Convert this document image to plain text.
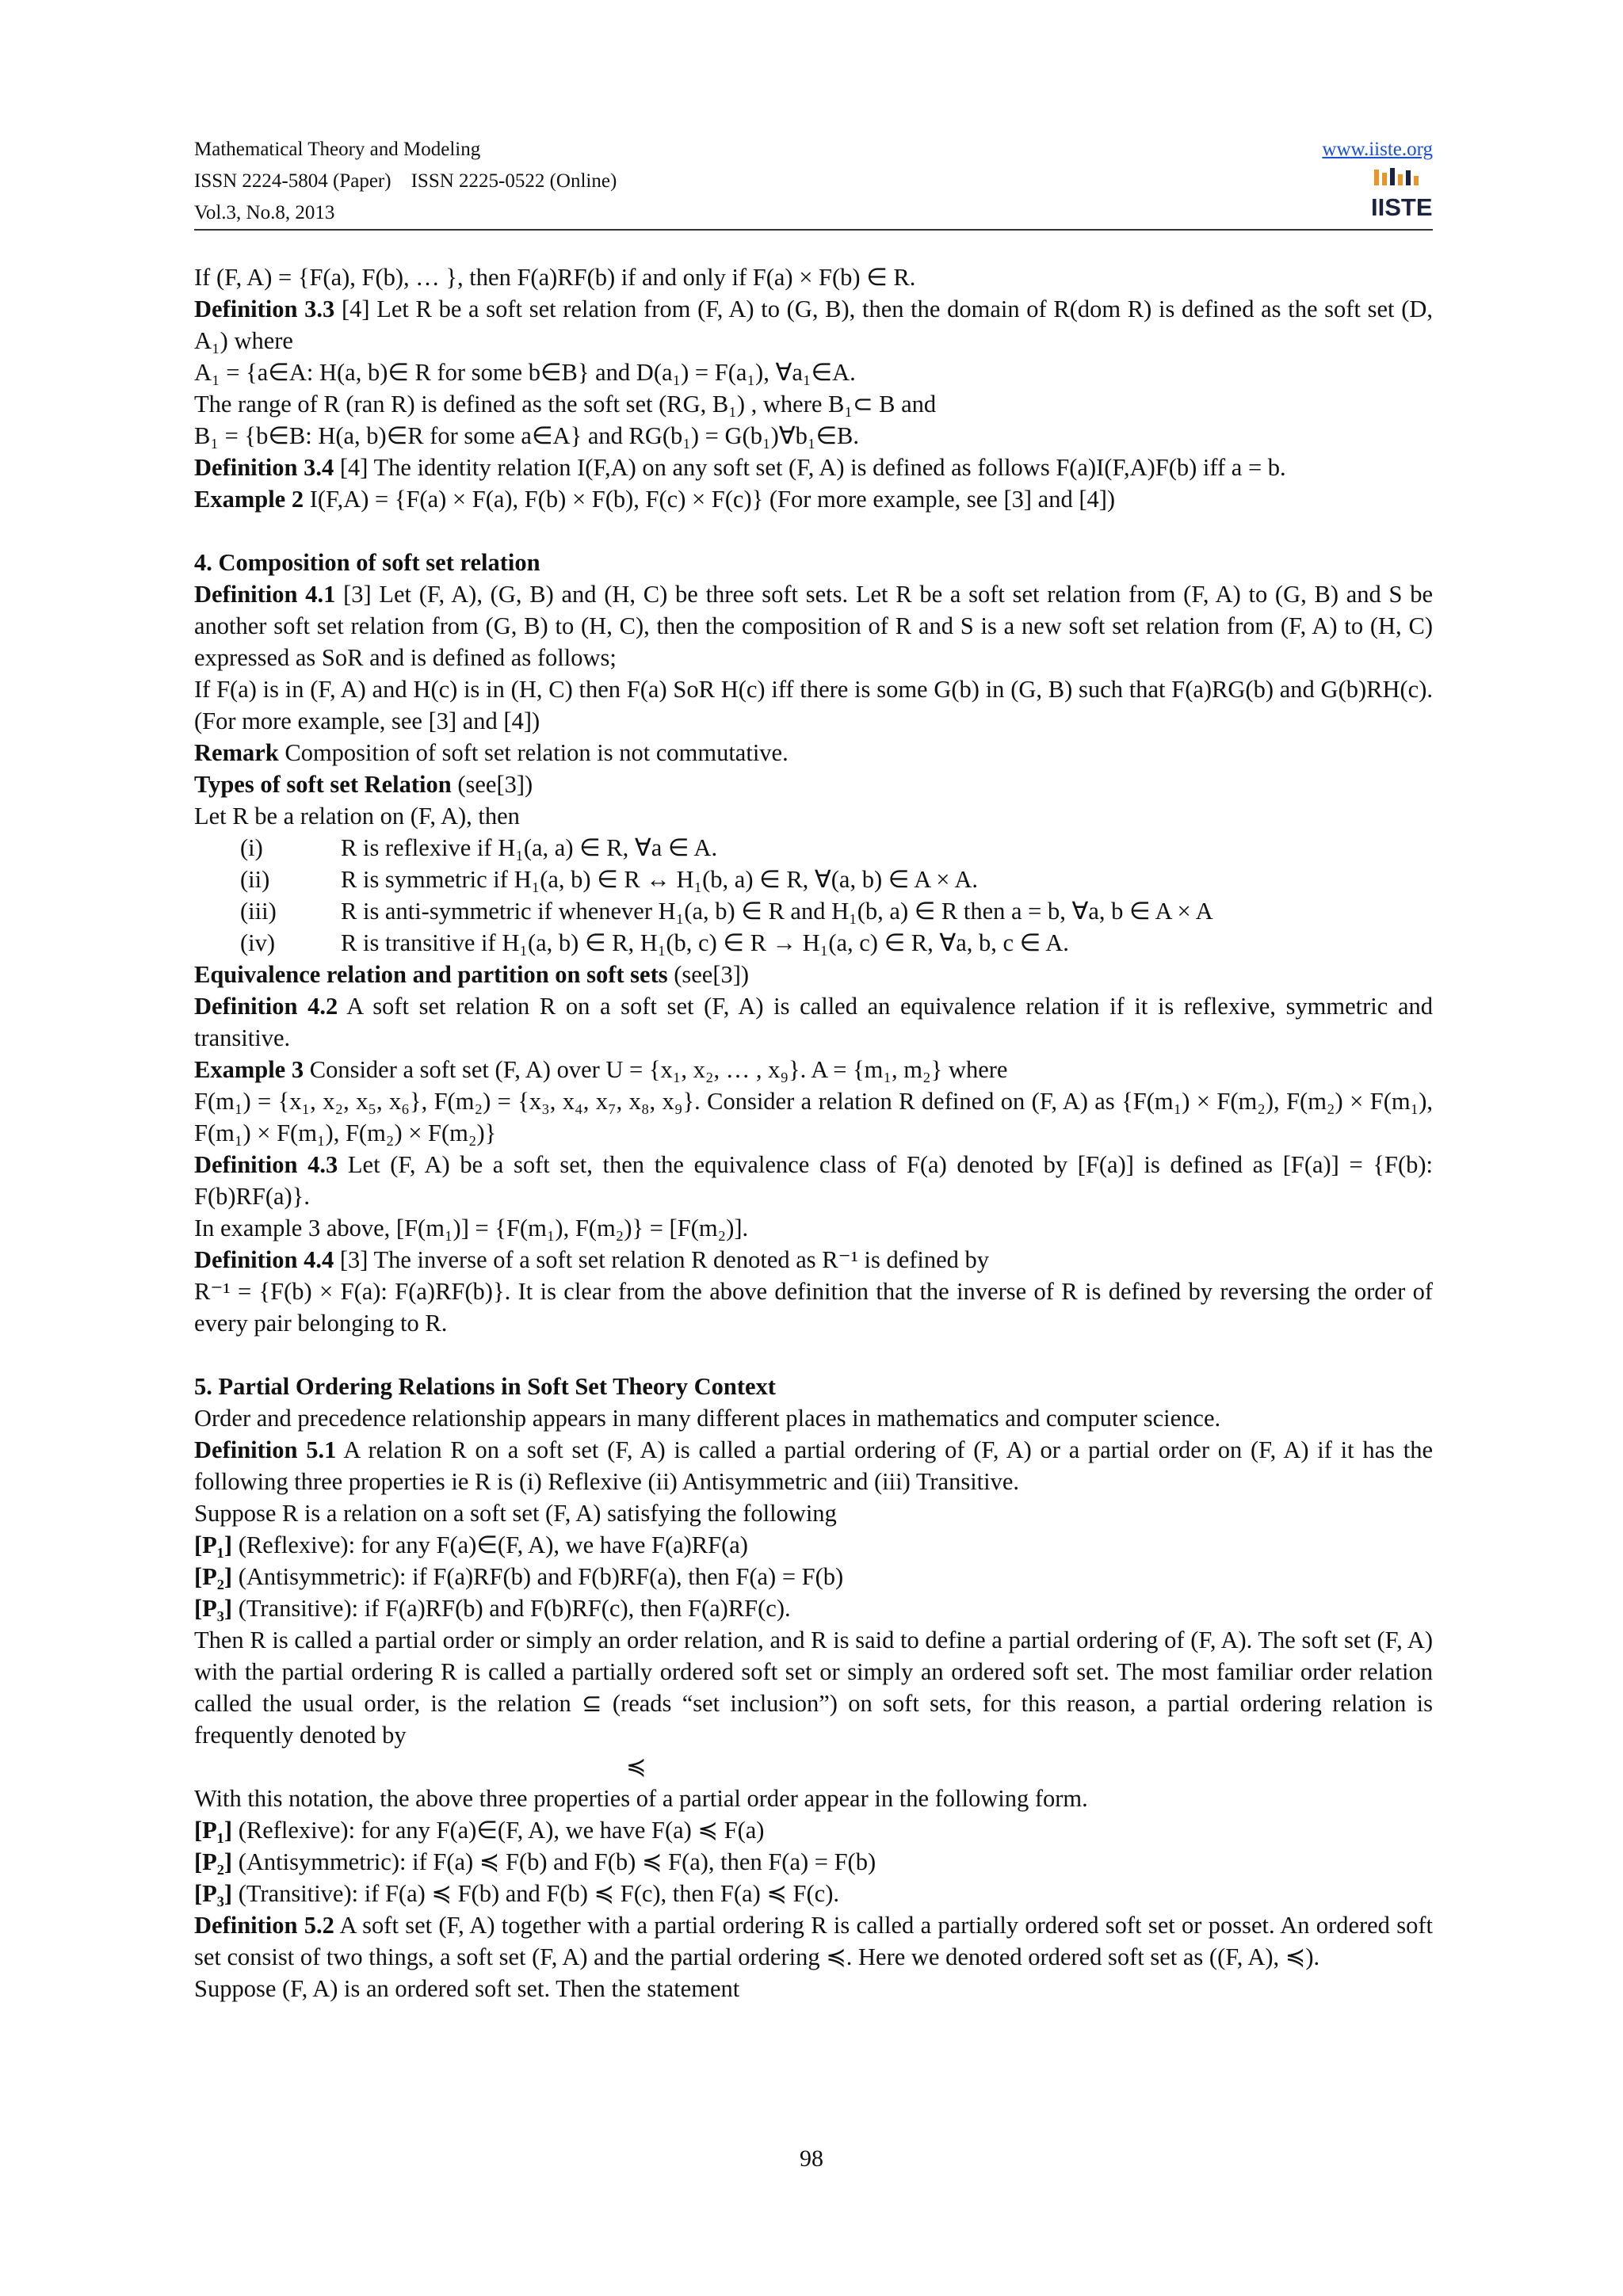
Mathematical Theory and Modeling
ISSN 2224-5804 (Paper)    ISSN 2225-0522 (Online)
Vol.3, No.8, 2013
www.iiste.org
IISTE

If (F, A) = {F(a), F(b), … }, then F(a)RF(b) if and only if F(a) × F(b) ∈ R.

Definition 3.3 [4] Let R be a soft set relation from (F, A) to (G, B), then the domain of R(dom R) is defined as the soft set (D, A₁) where

A₁ = {a∈A: H(a, b)∈ R for some b∈B} and D(a₁) = F(a₁), ∀a₁∈A.

The range of R (ran R) is defined as the soft set (RG, B₁) , where B₁⊂ B and

B₁ = {b∈B: H(a, b)∈R for some a∈A} and RG(b₁) = G(b₁)∀b₁∈B.

Definition 3.4 [4] The identity relation I(F,A) on any soft set (F, A) is defined as follows F(a)I(F,A)F(b) iff a = b.

Example 2 I(F,A) = {F(a) × F(a), F(b) × F(b), F(c) × F(c)} (For more example, see [3] and [4])

4. Composition of soft set relation

Definition 4.1 [3] Let (F, A), (G, B) and (H, C) be three soft sets. Let R be a soft set relation from (F, A) to (G, B) and S be another soft set relation from (G, B) to (H, C), then the composition of R and S is a new soft set relation from (F, A) to (H, C) expressed as SoR and is defined as follows;

If F(a) is in (F, A) and H(c) is in (H, C) then F(a) SoR H(c) iff there is some G(b) in (G, B) such that F(a)RG(b) and G(b)RH(c). (For more example, see [3] and [4])

Remark Composition of soft set relation is not commutative.

Types of soft set Relation (see[3])

Let R be a relation on (F, A), then

(i)	R is reflexive if H₁(a, a) ∈ R, ∀a ∈ A.
(ii)	R is symmetric if H₁(a, b) ∈ R ↔ H₁(b, a) ∈ R, ∀(a, b) ∈ A × A.
(iii)	R is anti-symmetric if whenever H₁(a, b) ∈ R and H₁(b, a) ∈ R then a = b, ∀a, b ∈ A × A
(iv)	R is transitive if H₁(a, b) ∈ R, H₁(b, c) ∈ R → H₁(a, c) ∈ R, ∀a, b, c ∈ A.

Equivalence relation and partition on soft sets (see[3])

Definition 4.2 A soft set relation R on a soft set (F, A) is called an equivalence relation if it is reflexive, symmetric and transitive.

Example 3 Consider a soft set (F, A) over U = {x₁, x₂, … , x₉}. A = {m₁, m₂} where

F(m₁) = {x₁, x₂, x₅, x₆}, F(m₂) = {x₃, x₄, x₇, x₈, x₉}. Consider a relation R defined on (F, A) as {F(m₁) × F(m₂), F(m₂) × F(m₁), F(m₁) × F(m₁), F(m₂) × F(m₂)}

Definition 4.3 Let (F, A) be a soft set, then the equivalence class of F(a) denoted by [F(a)] is defined as [F(a)] = {F(b): F(b)RF(a)}.

In example 3 above, [F(m₁)] = {F(m₁), F(m₂)} = [F(m₂)].

Definition 4.4 [3] The inverse of a soft set relation R denoted as R⁻¹ is defined by

R⁻¹ = {F(b) × F(a): F(a)RF(b)}. It is clear from the above definition that the inverse of R is defined by reversing the order of every pair belonging to R.

5. Partial Ordering Relations in Soft Set Theory Context

Order and precedence relationship appears in many different places in mathematics and computer science.

Definition 5.1 A relation R on a soft set (F, A) is called a partial ordering of (F, A) or a partial order on (F, A) if it has the following three properties ie R is (i) Reflexive (ii) Antisymmetric and (iii) Transitive.

Suppose R is a relation on a soft set (F, A) satisfying the following

[P₁] (Reflexive): for any F(a)∈(F, A), we have F(a)RF(a)

[P₂] (Antisymmetric): if F(a)RF(b) and F(b)RF(a), then F(a) = F(b)

[P₃] (Transitive): if F(a)RF(b) and F(b)RF(c), then F(a)RF(c).

Then R is called a partial order or simply an order relation, and R is said to define a partial ordering of (F, A). The soft set (F, A) with the partial ordering R is called a partially ordered soft set or simply an ordered soft set. The most familiar order relation called the usual order, is the relation ⊆ (reads “set inclusion”) on soft sets, for this reason, a partial ordering relation is frequently denoted by

≼

With this notation, the above three properties of a partial order appear in the following form.

[P₁] (Reflexive): for any F(a)∈(F, A), we have F(a) ≼ F(a)

[P₂] (Antisymmetric): if F(a) ≼ F(b) and F(b) ≼ F(a), then F(a) = F(b)

[P₃] (Transitive): if F(a) ≼ F(b) and F(b) ≼ F(c), then F(a) ≼ F(c).

Definition 5.2 A soft set (F, A) together with a partial ordering R is called a partially ordered soft set or posset. An ordered soft set consist of two things, a soft set (F, A) and the partial ordering ≼. Here we denoted ordered soft set as ((F, A), ≼).

Suppose (F, A) is an ordered soft set. Then the statement

98
